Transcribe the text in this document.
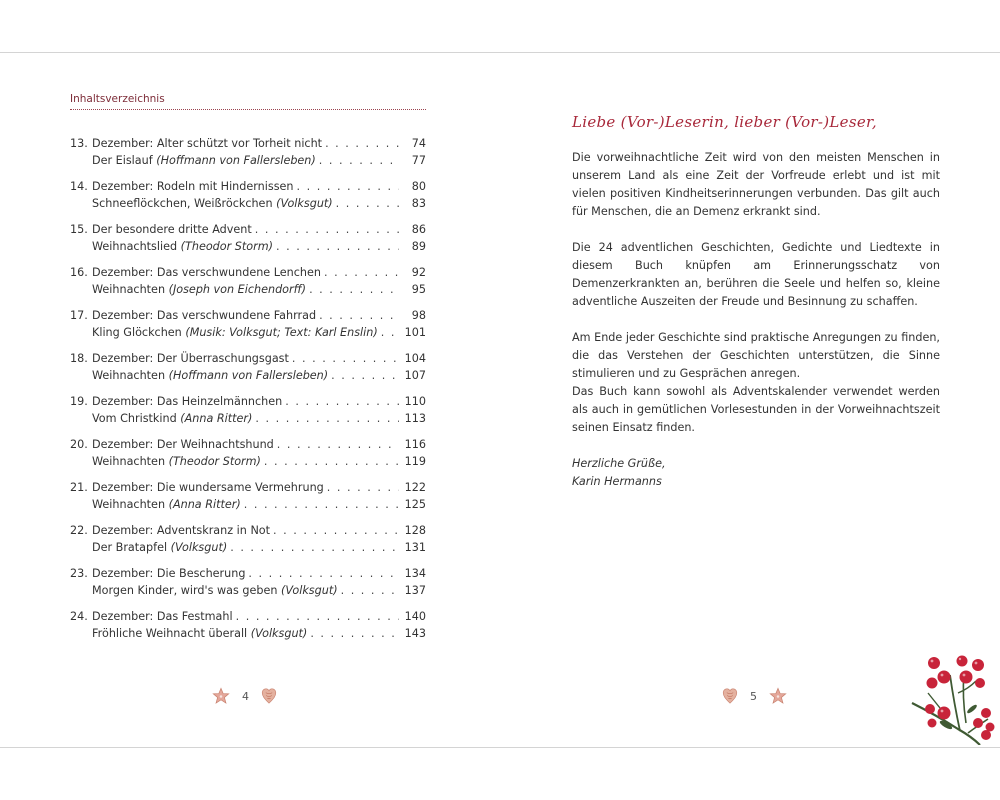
Inhaltsverzeichnis
13. Dezember: Alter schützt vor Torheit nicht . . .	74
Der Eislauf (Hoffmann von Fallersleben) . . .	77
14. Dezember: Rodeln mit Hindernissen . . .	80
Schneeflöckchen, Weißröckchen (Volksgut) . . .	83
15. Der besondere dritte Advent . . .	86
Weihnachtslied (Theodor Storm) . . .	89
16. Dezember: Das verschwundene Lenchen . . .	92
Weihnachten (Joseph von Eichendorff) . . .	95
17. Dezember: Das verschwundene Fahrrad . . .	98
Kling Glöckchen (Musik: Volksgut; Text: Karl Enslin) . . . 101
18. Dezember: Der Überraschungsgast . . .	104
Weihnachten (Hoffmann von Fallersleben) . . .	107
19. Dezember: Das Heinzelmännchen . . .	110
Vom Christkind (Anna Ritter) . . .	113
20. Dezember: Der Weihnachtshund . . .	116
Weihnachten (Theodor Storm) . . .	119
21. Dezember: Die wundersame Vermehrung . . .	122
Weihnachten (Anna Ritter) . . .	125
22. Dezember: Adventskranz in Not . . .	128
Der Bratapfel (Volksgut) . . .	131
23. Dezember: Die Bescherung . . .	134
Morgen Kinder, wird's was geben (Volksgut) . . .	137
24. Dezember: Das Festmahl . . .	140
Fröhliche Weihnacht überall (Volksgut) . . .	143
4
Liebe (Vor-)Leserin, lieber (Vor-)Leser,

Die vorweihnachtliche Zeit wird von den meisten Menschen in unserem Land als eine Zeit der Vorfreude erlebt und ist mit vielen positiven Kindheitserinnerungen verbunden. Das gilt auch für Menschen, die an Demenz erkrankt sind.

Die 24 adventlichen Geschichten, Gedichte und Liedtexte in diesem Buch knüpfen am Erinnerungsschatz von Demenzerkrankten an, berühren die Seele und helfen so, kleine adventliche Auszeiten der Freude und Besinnung zu schaffen.

Am Ende jeder Geschichte sind praktische Anregungen zu finden, die das Verstehen der Geschichten unterstützen, die Sinne stimulieren und zu Gesprächen anregen.

Das Buch kann sowohl als Adventskalender verwendet werden als auch in gemütlichen Vorlesestunden in der Vorweihnachtszeit seinen Einsatz finden.

Herzliche Grüße,
Karin Hermanns
5
